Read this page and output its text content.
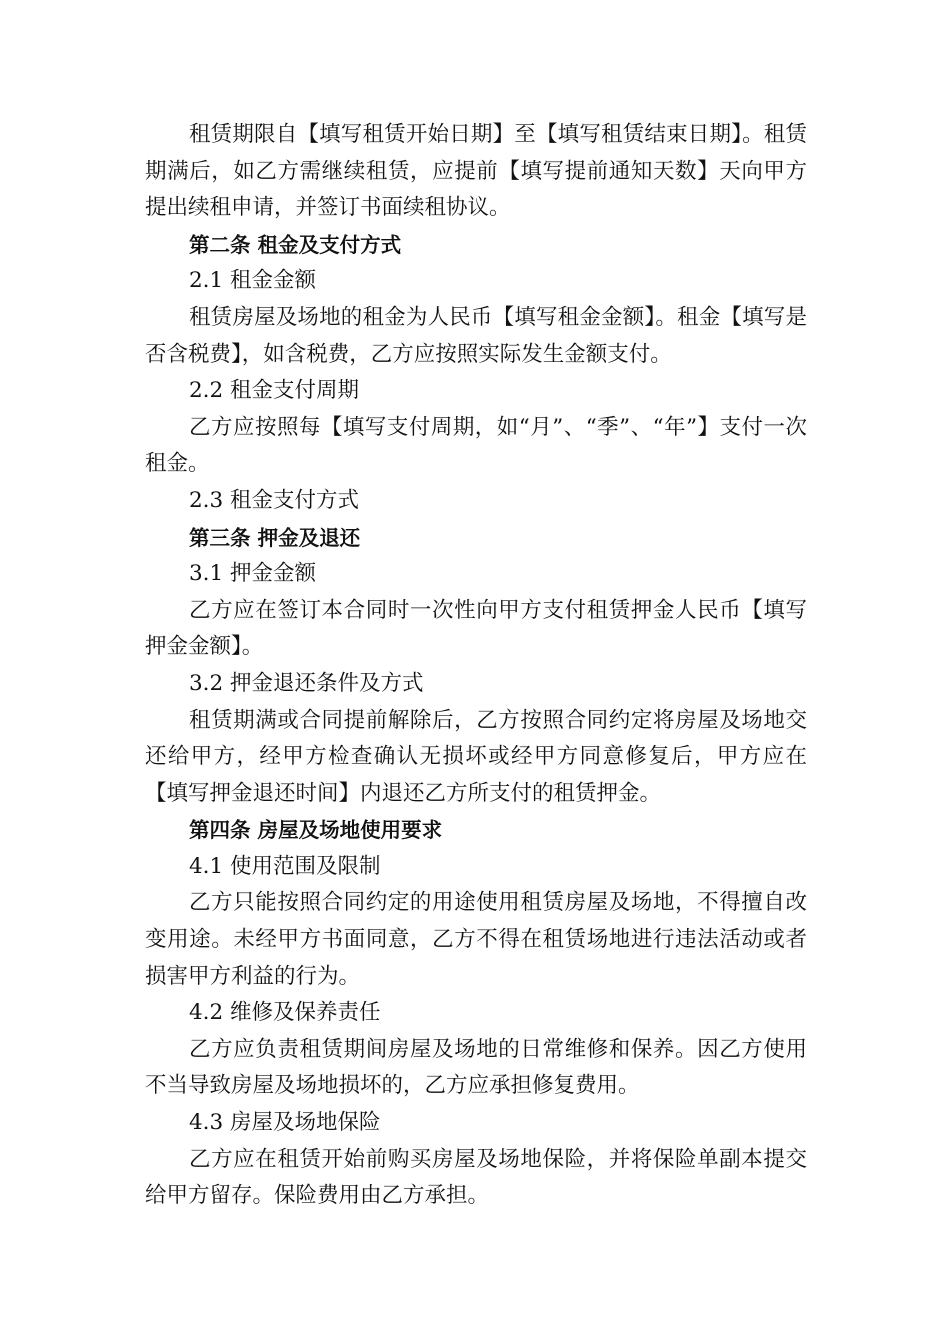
租赁期限自【填写租赁开始日期】至【填写租赁结束日期】。租赁期满后，如乙方需继续租赁，应提前【填写提前通知天数】天向甲方提出续租申请，并签订书面续租协议。

第二条 租金及支付方式

2.1 租金金额

租赁房屋及场地的租金为人民币【填写租金金额】。租金【填写是否含税费】，如含税费，乙方应按照实际发生金额支付。

2.2 租金支付周期

乙方应按照每【填写支付周期，如“月”、“季”、“年”】支付一次租金。

2.3 租金支付方式

第三条 押金及退还

3.1 押金金额

乙方应在签订本合同时一次性向甲方支付租赁押金人民币【填写押金金额】。

3.2 押金退还条件及方式

租赁期满或合同提前解除后，乙方按照合同约定将房屋及场地交还给甲方，经甲方检查确认无损坏或经甲方同意修复后，甲方应在【填写押金退还时间】内退还乙方所支付的租赁押金。

第四条 房屋及场地使用要求

4.1 使用范围及限制

乙方只能按照合同约定的用途使用租赁房屋及场地，不得擅自改变用途。未经甲方书面同意，乙方不得在租赁场地进行违法活动或者损害甲方利益的行为。

4.2 维修及保养责任

乙方应负责租赁期间房屋及场地的日常维修和保养。因乙方使用不当导致房屋及场地损坏的，乙方应承担修复费用。

4.3 房屋及场地保险

乙方应在租赁开始前购买房屋及场地保险，并将保险单副本提交给甲方留存。保险费用由乙方承担。
